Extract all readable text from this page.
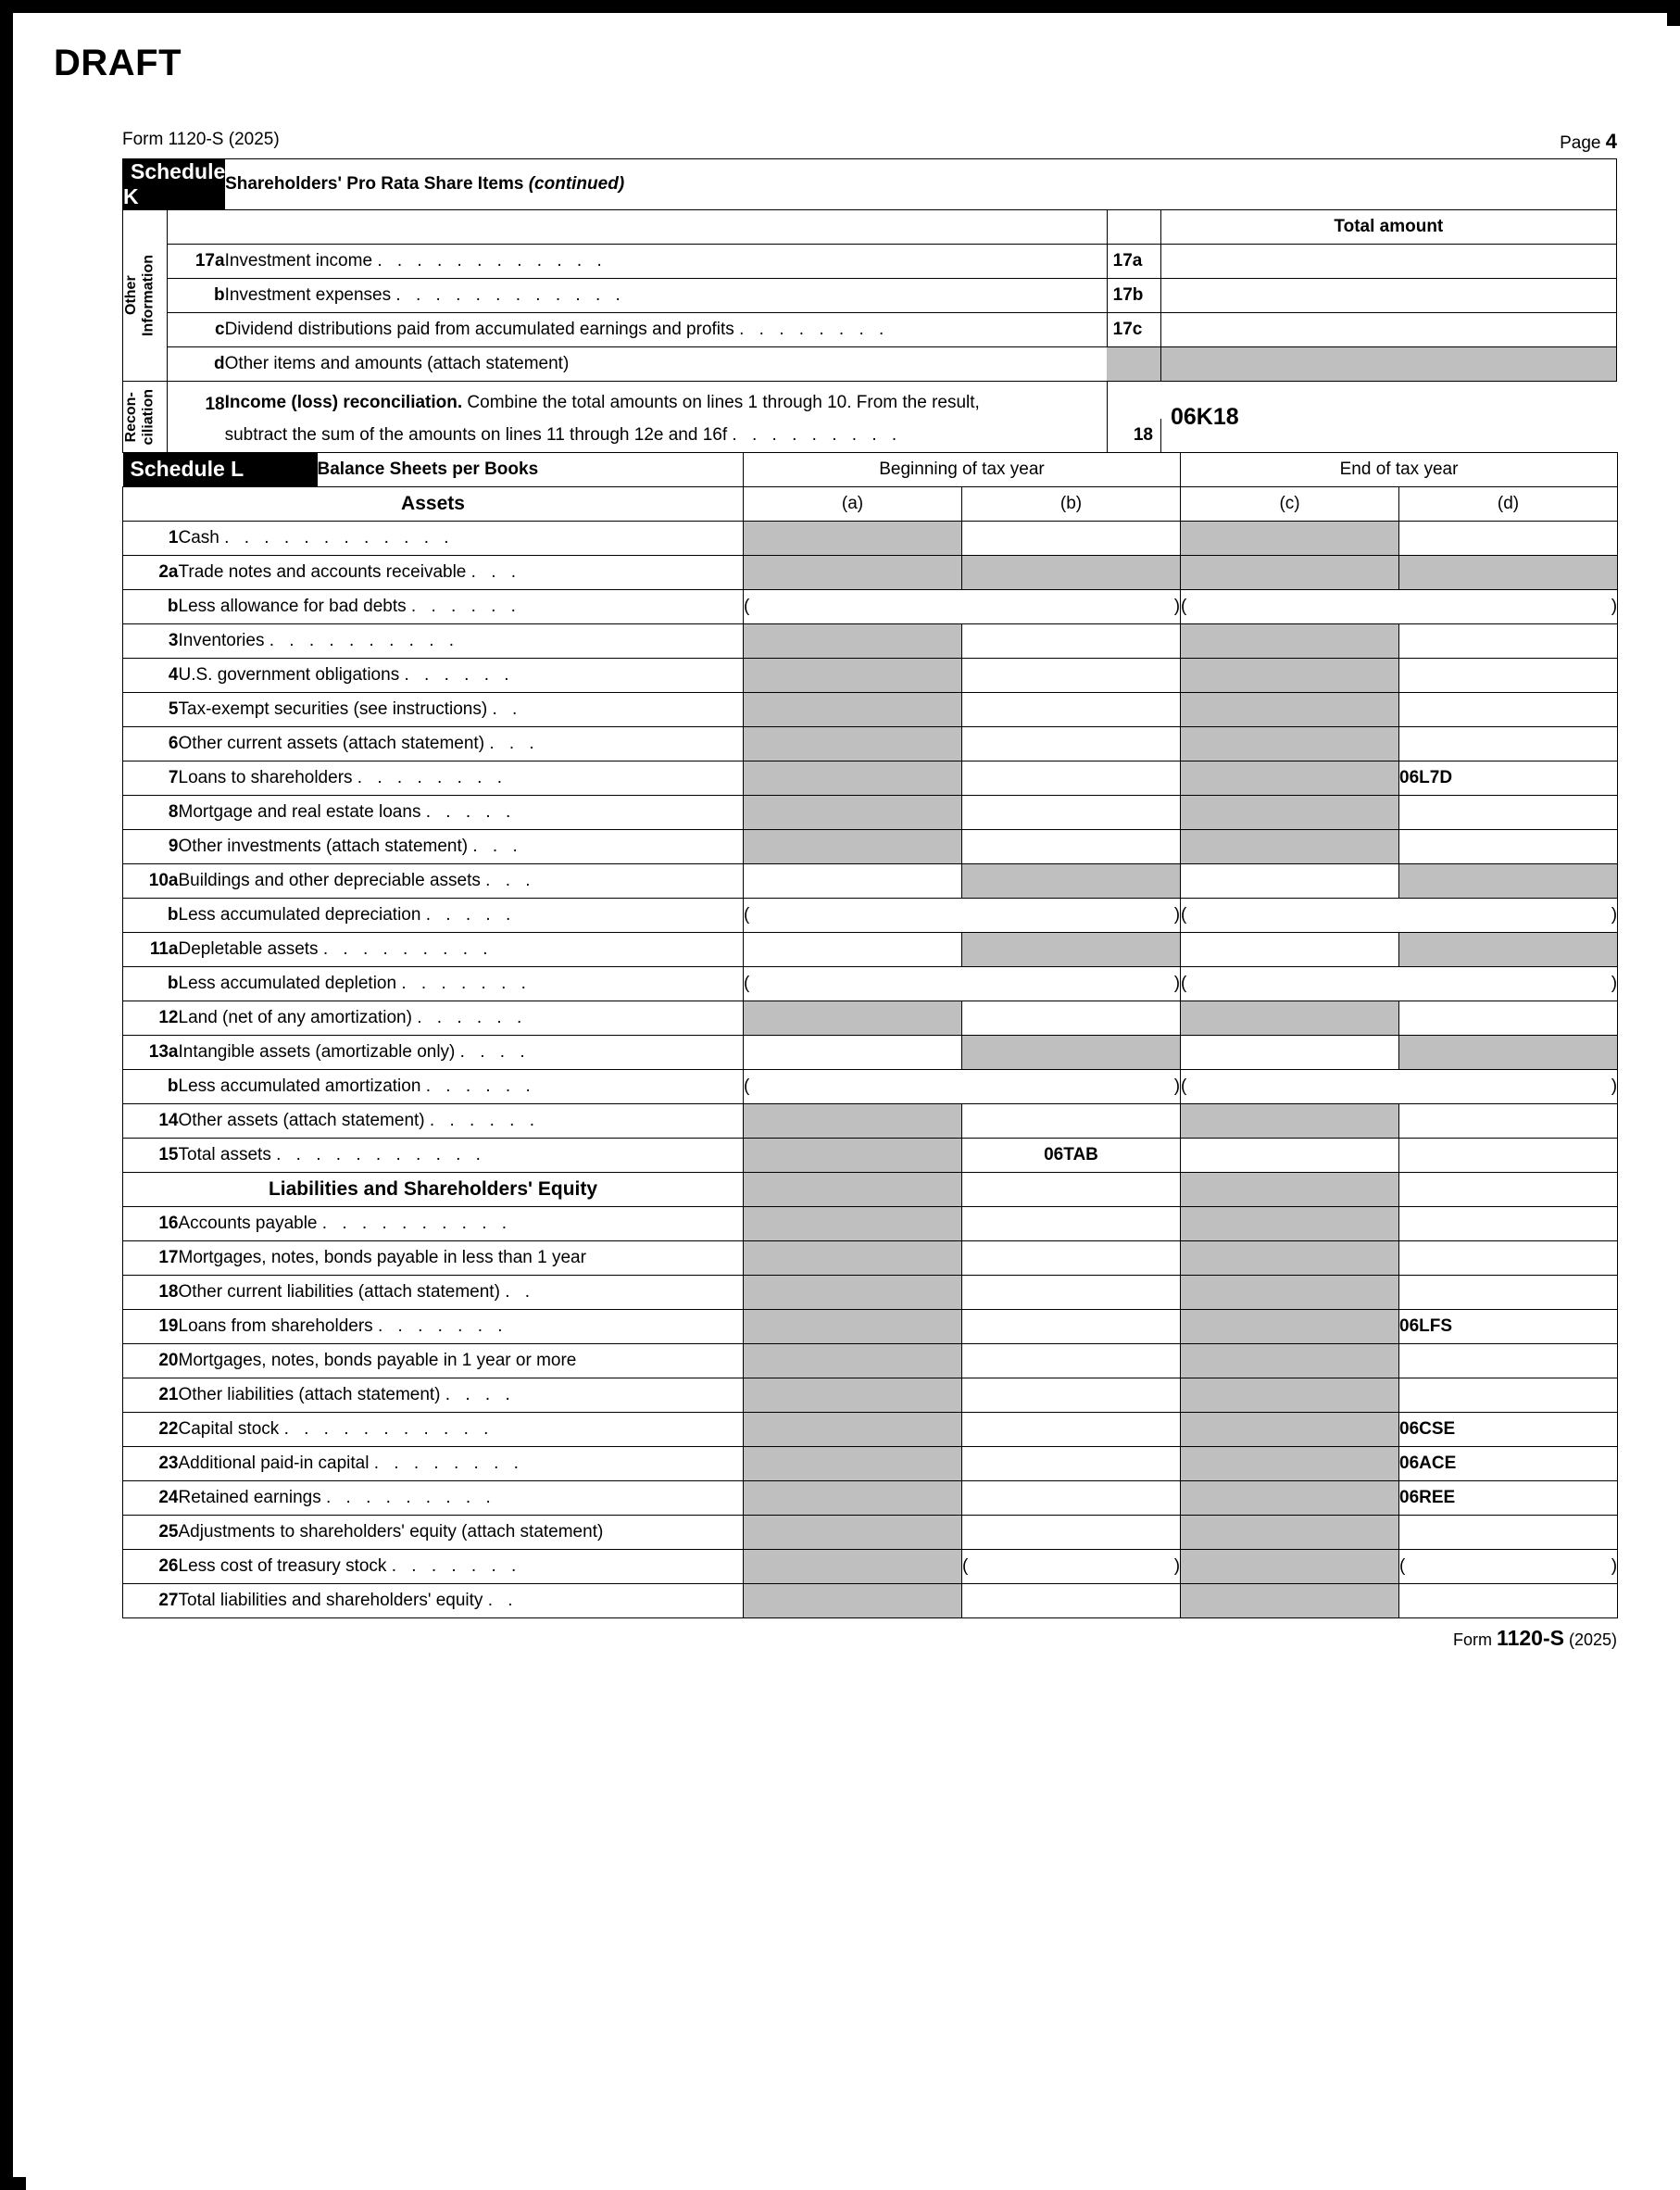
DRAFT
Form 1120-S (2025)	Page 4
Schedule K		Shareholders' Pro Rata Share Items (continued)		

Other
Information				Total amount
	17a	Investment income . . . . . . . . . . . .	17a	
	b	Investment expenses . . . . . . . . . . . .	17b	
	c	Dividend distributions paid from accumulated earnings and profits . . . . . . . .	17c	
	d	Other items and amounts (attach statement)		
Recon-
ciliation	18	Income (loss) reconciliation. Combine the total amounts on lines 1 through 10. From the result,		06K18
		subtract the sum of the amounts on lines 11 through 12e and 16f . . . . . . . . .	18	
Schedule L	Balance Sheets per Books
		Beginning of tax year	End of tax year
Assets	(a)	(b)	(c)	(d)
1	Cash . . . . . . . . . . . .				
2a	Trade notes and accounts receivable . . .				
b	Less allowance for bad debts . . . . . .	(	)	(	)
3	Inventories . . . . . . . . . .				
4	U.S. government obligations . . . . . .				
5	Tax-exempt securities (see instructions) . .				
6	Other current assets (attach statement) . . .				
7	Loans to shareholders . . . . . . . .				06L7D
8	Mortgage and real estate loans . . . . .				
9	Other investments (attach statement) . . .				
10a	Buildings and other depreciable assets . . .				
b	Less accumulated depreciation . . . . .	(	)	(	)
11a	Depletable assets . . . . . . . . .				
b	Less accumulated depletion . . . . . . .	(	)	(	)
12	Land (net of any amortization) . . . . . .				
13a	Intangible assets (amortizable only) . . . .				
b	Less accumulated amortization . . . . . .	(	)	(	)
14	Other assets (attach statement) . . . . . .				
15	Total assets . . . . . . . . . . .		06TAB		
Liabilities and Shareholders' Equity				
16	Accounts payable . . . . . . . . . .				
17	Mortgages, notes, bonds payable in less than 1 year				
18	Other current liabilities (attach statement) . .				
19	Loans from shareholders . . . . . . .				06LFS
20	Mortgages, notes, bonds payable in 1 year or more				
21	Other liabilities (attach statement) . . . .				
22	Capital stock . . . . . . . . . . .				06CSE
23	Additional paid-in capital . . . . . . . .				06ACE
24	Retained earnings . . . . . . . . .				06REE
25	Adjustments to shareholders' equity (attach statement)				
26	Less cost of treasury stock . . . . . . .		(	)		(	)

27	Total liabilities and shareholders' equity . .				
Form 1120-S (2025)
